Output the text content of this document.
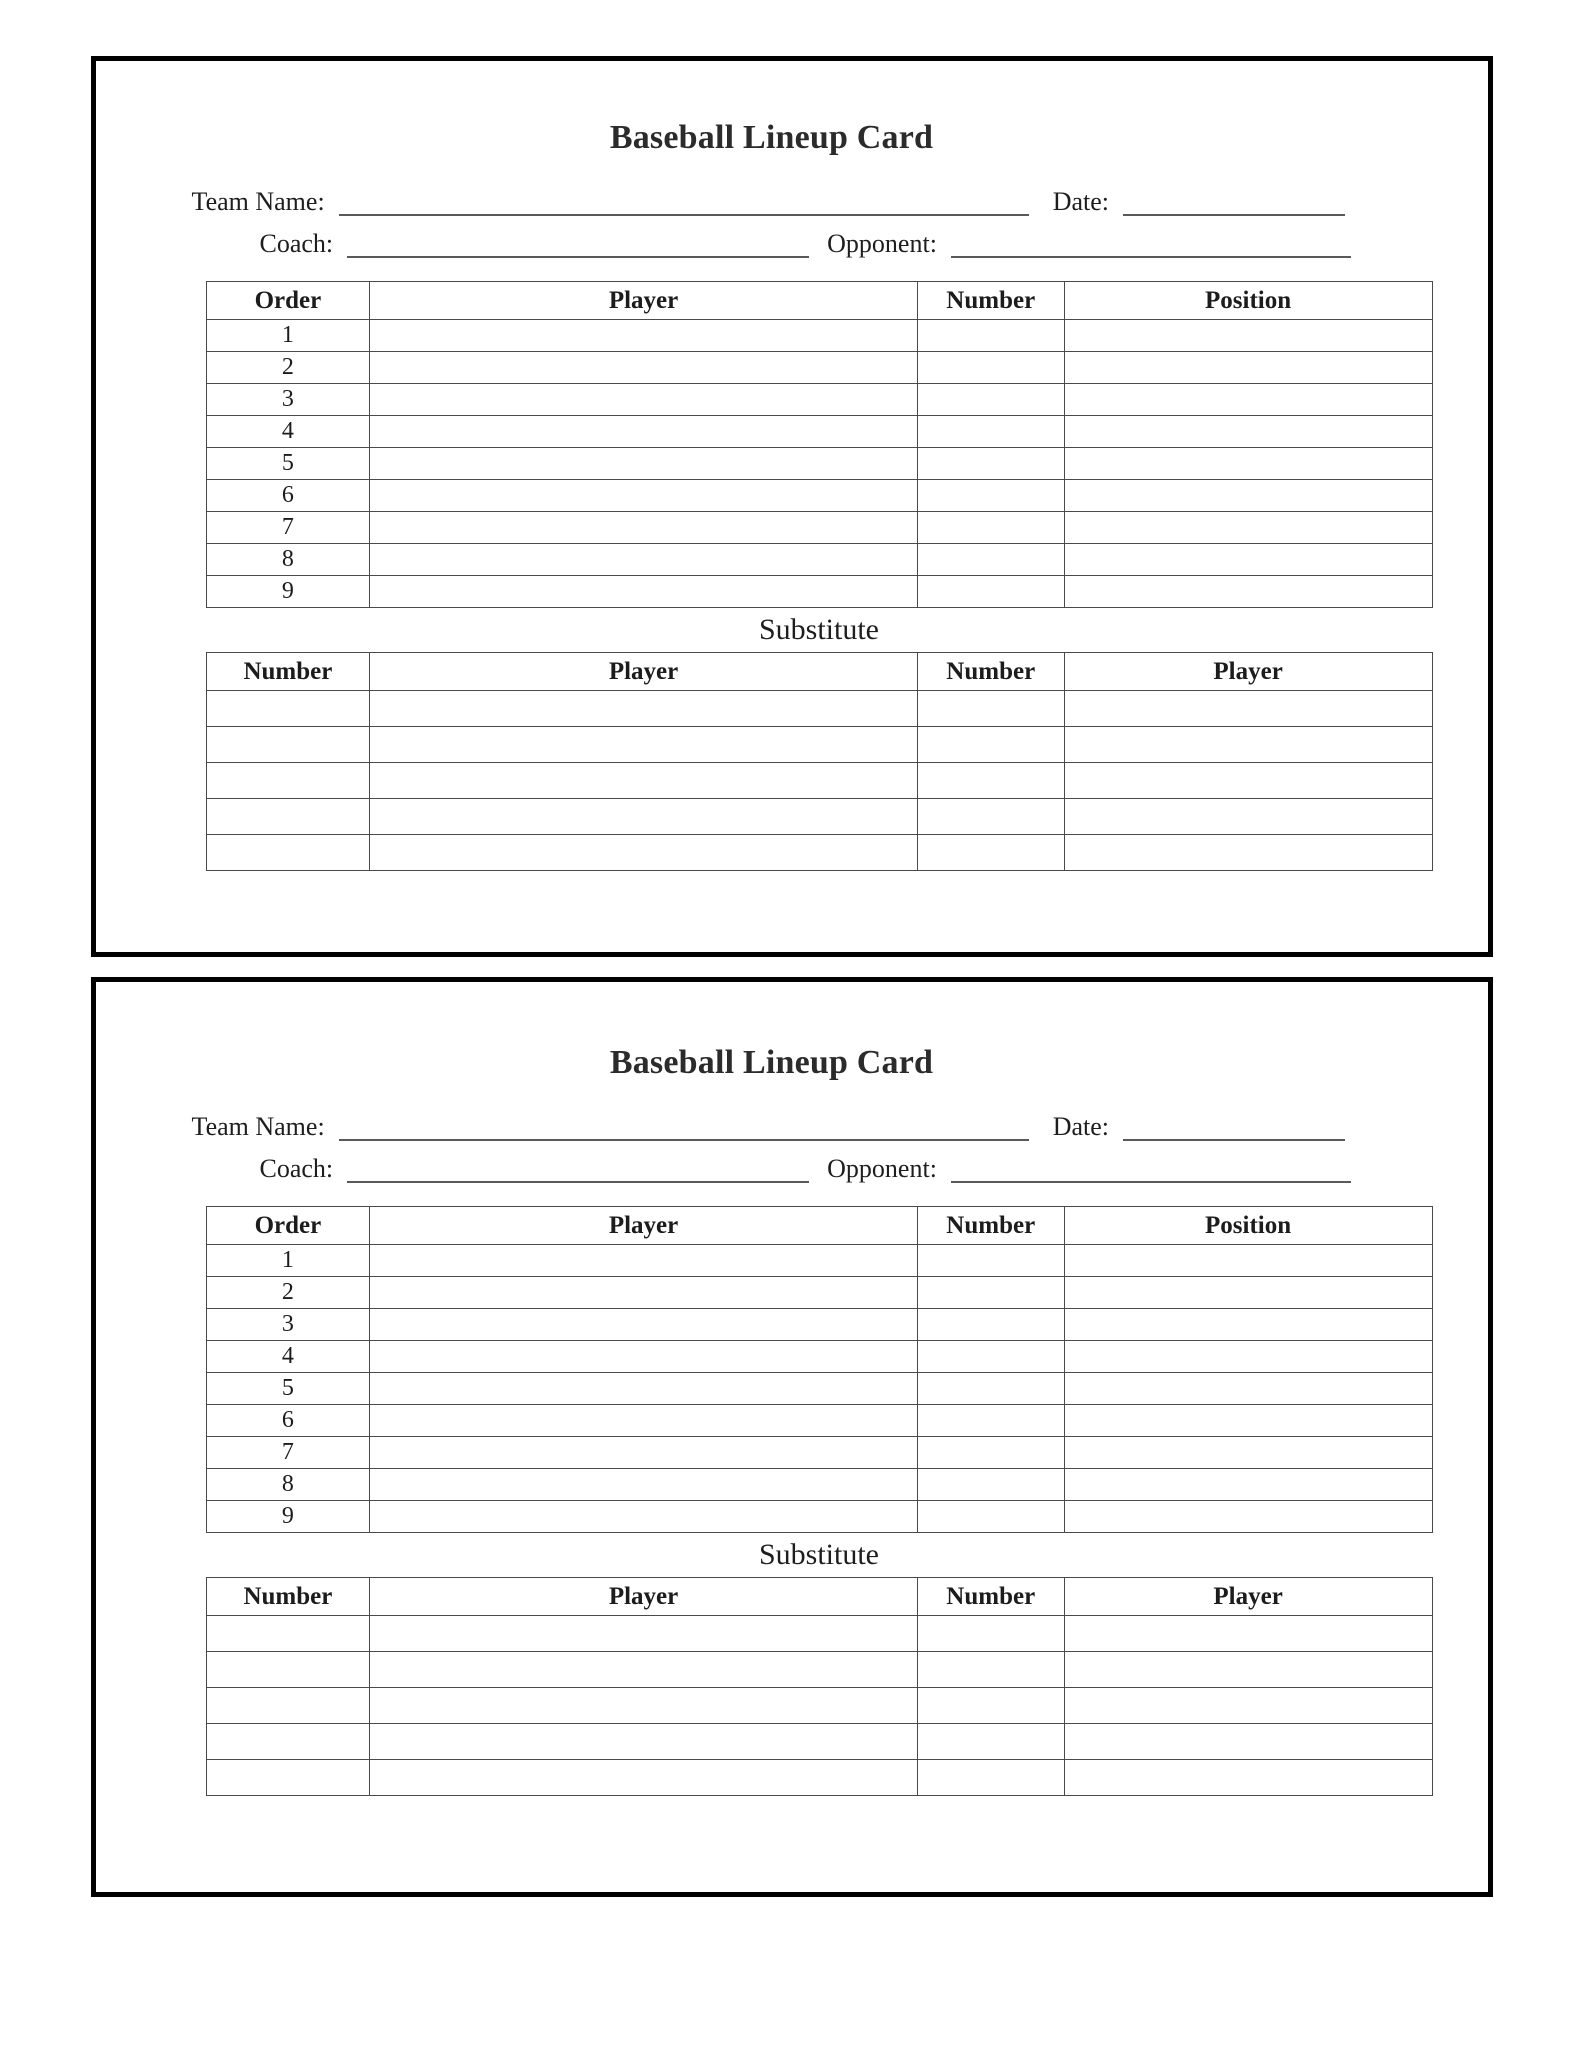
Baseball Lineup Card
Team Name:	Date:
Coach:	Opponent:
Order	Player	Number	Position
1			
2			
3			
4			
5			
6			
7			
8			
9			
Substitute
Number	Player	Number	Player

Baseball Lineup Card
Team Name:	Date:
Coach:	Opponent:
Order	Player	Number	Position
1			
2			
3			
4			
5			
6			
7			
8			
9			
Substitute
Number	Player	Number	Player
